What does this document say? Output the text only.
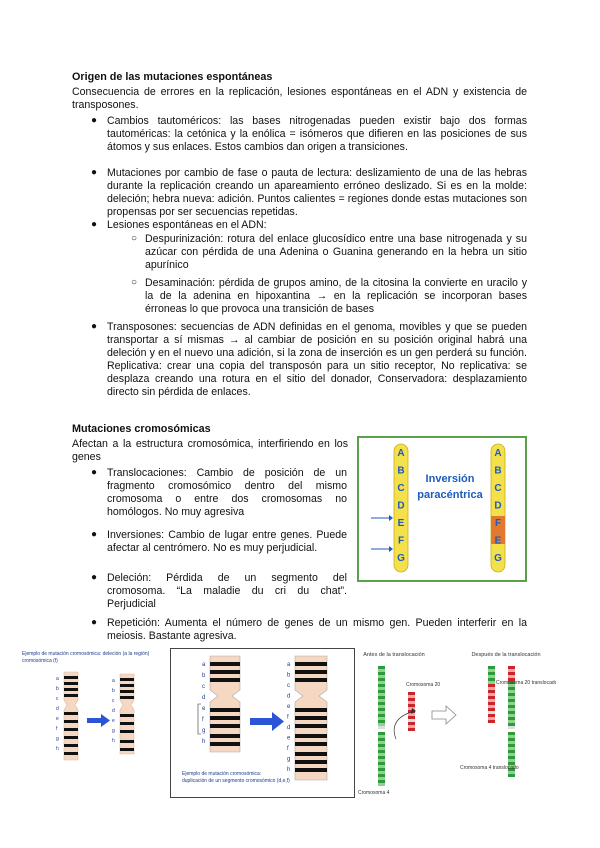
Origen de las mutaciones espontáneas
Consecuencia de errores en la replicación, lesiones espontáneas en el ADN y existencia de transposones.
● Cambios tautoméricos: las bases nitrogenadas pueden existir bajo dos formas tautoméricas: la cetónica y la enólica = isómeros que difieren en las posiciones de sus átomos y sus enlaces. Estos cambios dan origen a transiciones.
● Mutaciones por cambio de fase o pauta de lectura: deslizamiento de una de las hebras durante la replicación creando un apareamiento erróneo deslizado. Si es en la molde: deleción; hebra nueva: adición. Puntos calientes = regiones donde estas mutaciones son propensas por ser secuencias repetidas.
● Lesiones espontáneas en el ADN:
○ Despurinización: rotura del enlace glucosídico entre una base nitrogenada y su azúcar con pérdida de una Adenina o Guanina generando en la hebra un sitio apurínico
○ Desaminación: pérdida de grupos amino, de la citosina la convierte en uracilo y la de la adenina en hipoxantina → en la replicación se incorporan bases érroneas lo que provoca una transición de bases
● Transposones: secuencias de ADN definidas en el genoma, movibles y que se pueden transportar a sí mismas → al cambiar de posición en su posición original habrá una deleción y en el nuevo una adición, si la zona de inserción es un gen perderá su función. Replicativa: crear una copia del transposón para un sitio receptor, No replicativa: se desplaza creando una rotura en el sitio del donador, Conservadora: desplazamiento directo sin pérdida de enlaces.
Mutaciones cromosómicas
Afectan a la estructura cromosómica, interfiriendo en los genes
● Translocaciones: Cambio de posición de un fragmento cromosómico dentro del mismo cromosoma o entre dos cromosomas no homólogos. No muy agresiva
● Inversiones: Cambio de lugar entre genes. Puede afectar al centrómero. No es muy perjudicial.
● Deleción: Pérdida de un segmento del cromosoma. “La maladie du cri du chat”. Perjudicial
● Repetición: Aumenta el número de genes de un mismo gen. Pueden interferir en la meiosis. Bastante agresiva.
A
B
C
D
E
F
G
A
B
C
D
F
E
G
Inversión
paracéntrica
Ejemplo de mutación cromosómica: deleción (a la región)
cromosómica (f)
a
b
c
d
e
f
g
h
a
b
c
d
e
g
h
a
b
c
d
e
f
g
h
a
b
c
d
e
f
d
e
f
g
h
Ejemplo de mutación cromosómica:
duplicación de un segmento cromosómico (d,e,f)
Antes de la translocación	Después de la translocación
Cromosoma 20	Cromosoma 20 translocado
Cromosoma 4
Cromosoma 4 translocado
